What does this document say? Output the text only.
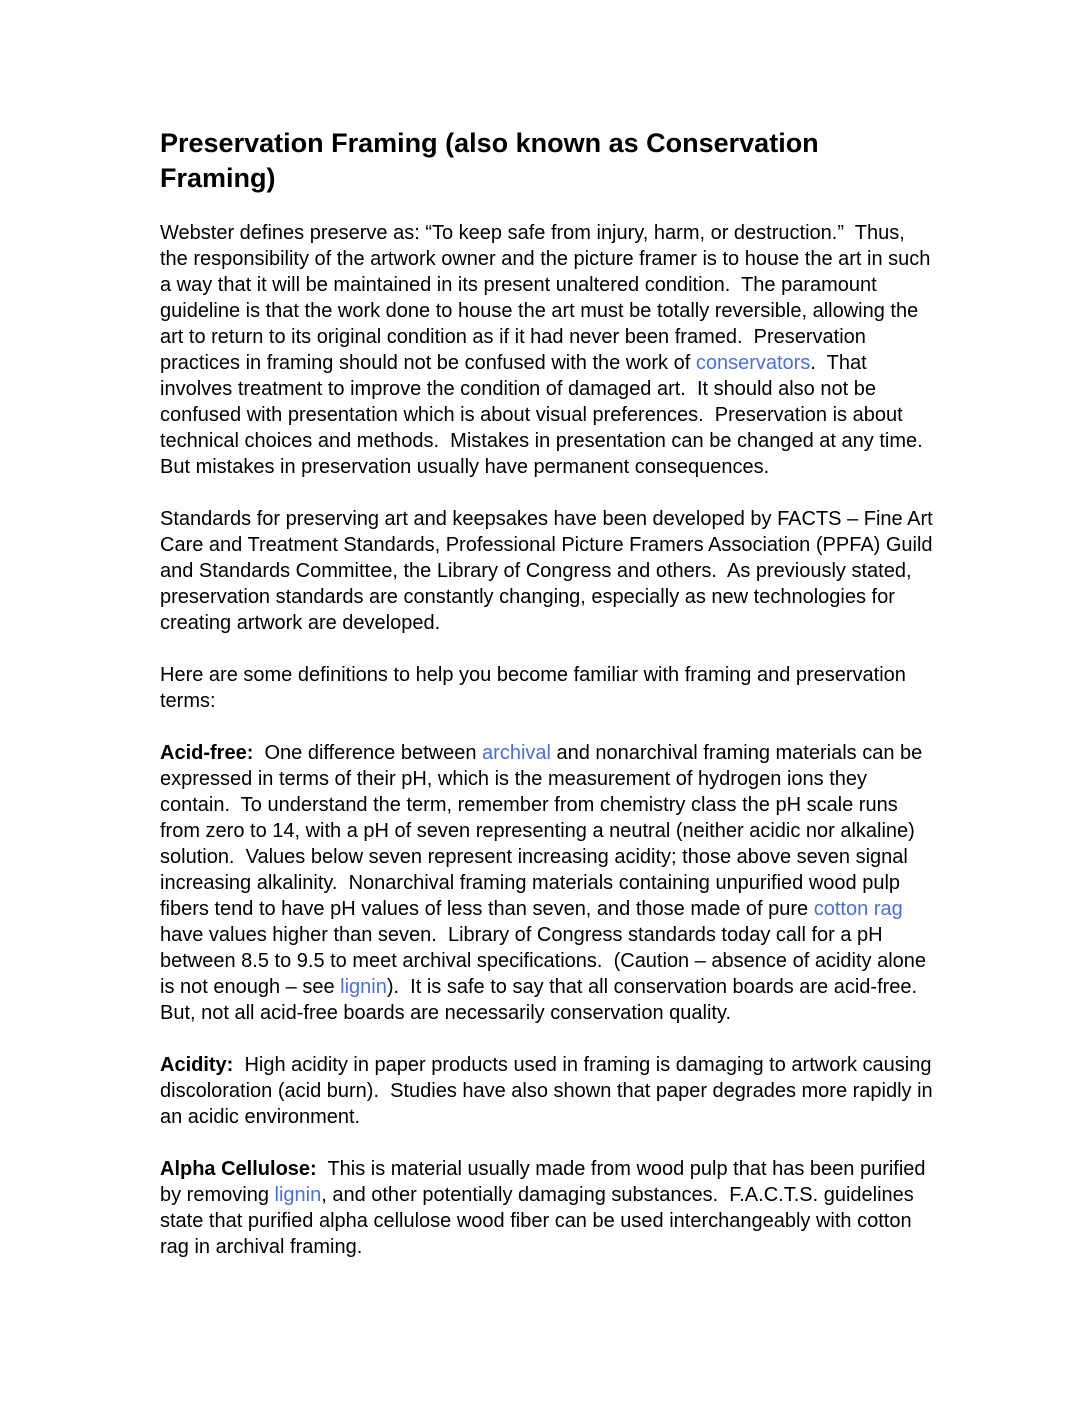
Preservation Framing (also known as Conservation Framing)

Webster defines preserve as: “To keep safe from injury, harm, or destruction.”  Thus, the responsibility of the artwork owner and the picture framer is to house the art in such a way that it will be maintained in its present unaltered condition.  The paramount guideline is that the work done to house the art must be totally reversible, allowing the art to return to its original condition as if it had never been framed.  Preservation practices in framing should not be confused with the work of conservators.  That involves treatment to improve the condition of damaged art.  It should also not be confused with presentation which is about visual preferences.  Preservation is about technical choices and methods.  Mistakes in presentation can be changed at any time.  But mistakes in preservation usually have permanent consequences.

Standards for preserving art and keepsakes have been developed by FACTS – Fine Art Care and Treatment Standards, Professional Picture Framers Association (PPFA) Guild and Standards Committee, the Library of Congress and others.  As previously stated, preservation standards are constantly changing, especially as new technologies for creating artwork are developed.

Here are some definitions to help you become familiar with framing and preservation terms:

Acid-free:  One difference between archival and nonarchival framing materials can be expressed in terms of their pH, which is the measurement of hydrogen ions they contain.  To understand the term, remember from chemistry class the pH scale runs from zero to 14, with a pH of seven representing a neutral (neither acidic nor alkaline) solution.  Values below seven represent increasing acidity; those above seven signal increasing alkalinity.  Nonarchival framing materials containing unpurified wood pulp fibers tend to have pH values of less than seven, and those made of pure cotton rag have values higher than seven.  Library of Congress standards today call for a pH between 8.5 to 9.5 to meet archival specifications.  (Caution – absence of acidity alone is not enough – see lignin).  It is safe to say that all conservation boards are acid-free.  But, not all acid-free boards are necessarily conservation quality.

Acidity:  High acidity in paper products used in framing is damaging to artwork causing discoloration (acid burn).  Studies have also shown that paper degrades more rapidly in an acidic environment.

Alpha Cellulose:  This is material usually made from wood pulp that has been purified by removing lignin, and other potentially damaging substances.  F.A.C.T.S. guidelines state that purified alpha cellulose wood fiber can be used interchangeably with cotton rag in archival framing.
